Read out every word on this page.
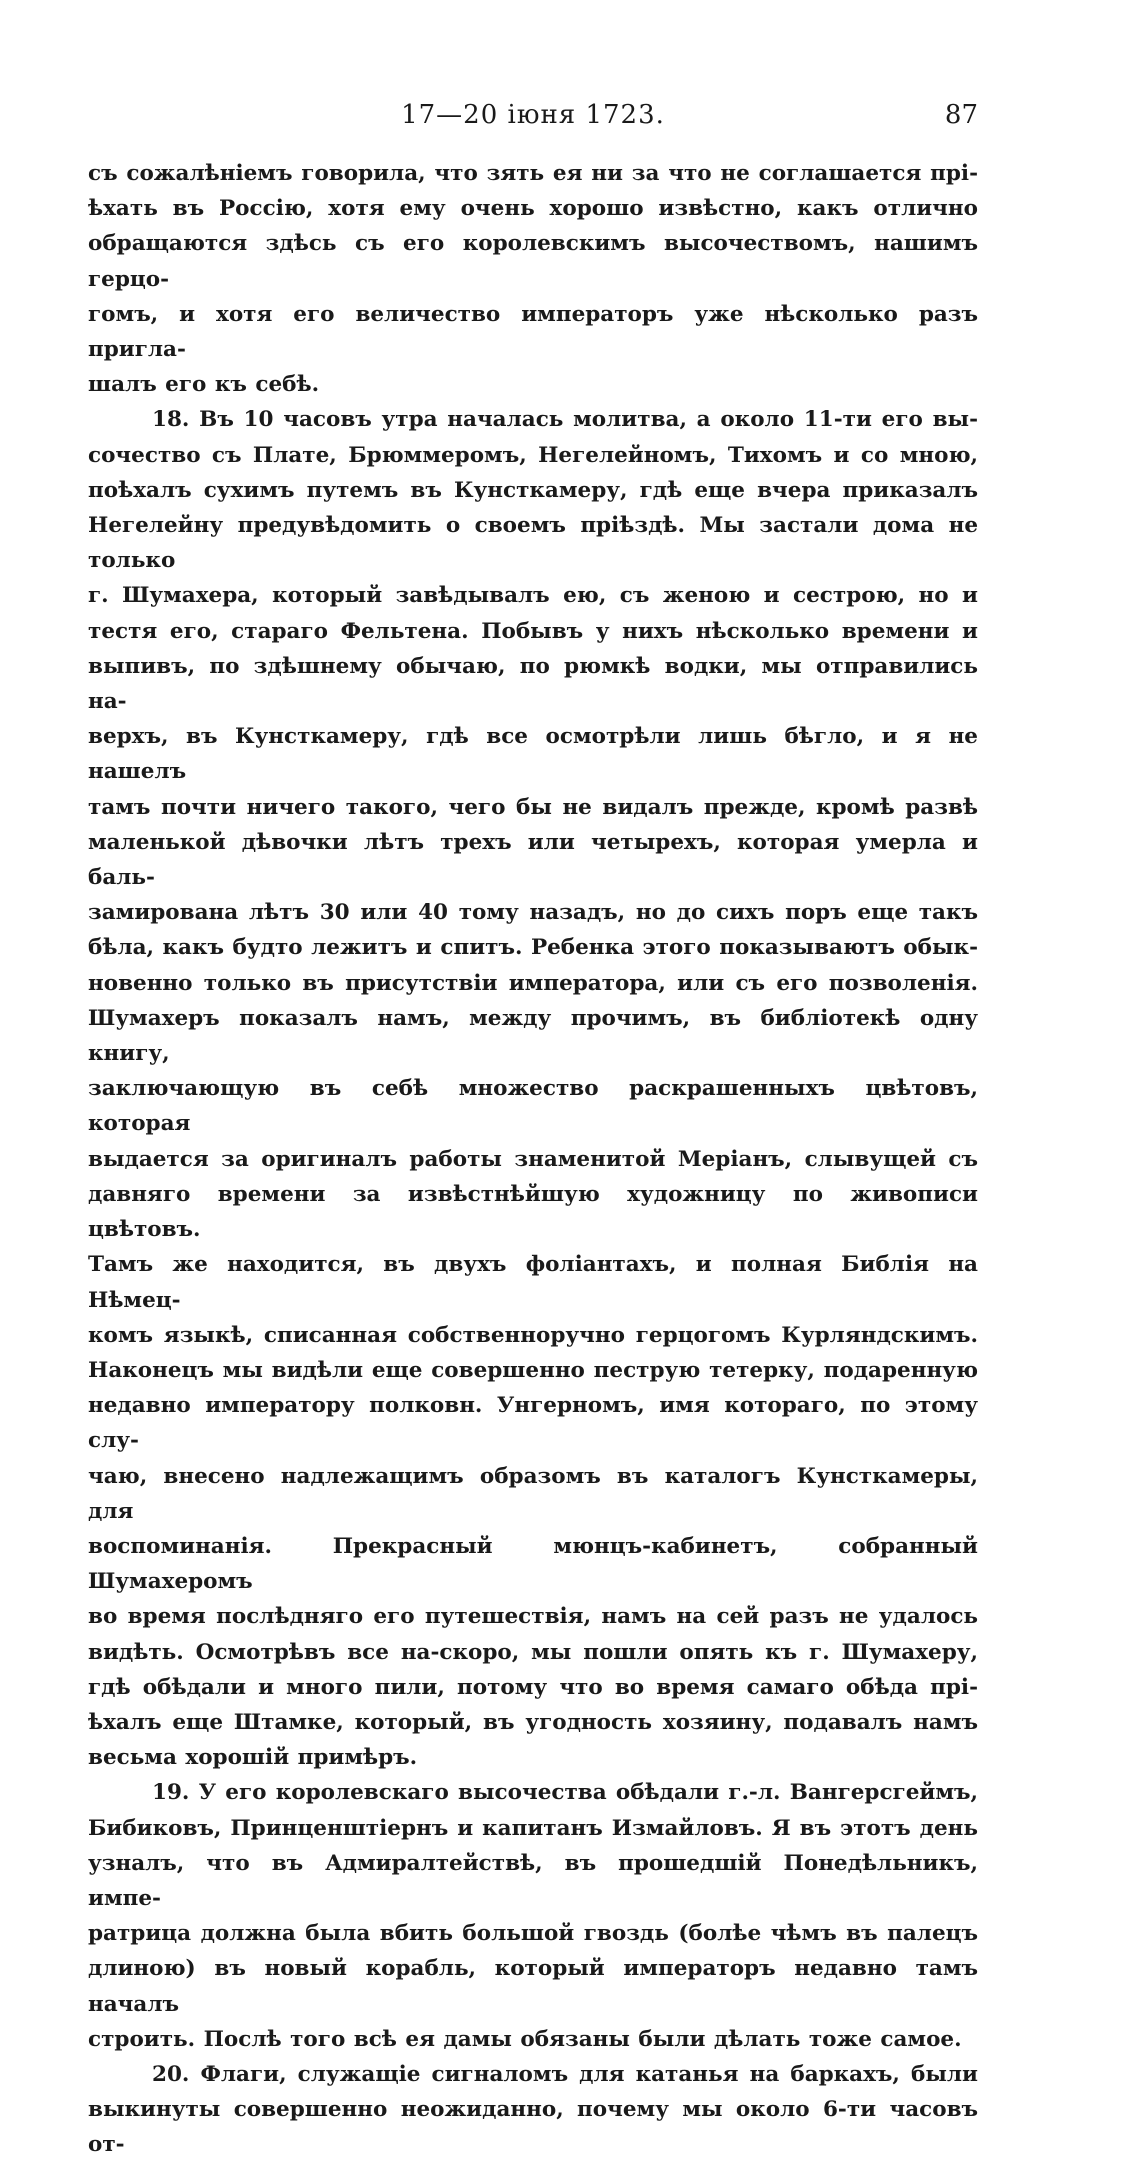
17—20 іюня 1723.	87

съ сожалѣніемъ говорила, что зять ея ни за что не соглашается прі-

ѣхать въ Россію, хотя ему очень хорошо извѣстно, какъ отлично

обращаются здѣсь съ его королевскимъ высочествомъ, нашимъ герцо-

гомъ, и хотя его величество императоръ уже нѣсколько разъ пригла-

шалъ его къ себѣ.

18. Въ 10 часовъ утра началась молитва, а около 11-ти его вы-

сочество съ Плате, Брюммеромъ, Негелейномъ, Тихомъ и со мною,

поѣхалъ сухимъ путемъ въ Кунсткамеру, гдѣ еще вчера приказалъ

Негелейну предувѣдомить о своемъ пріѣздѣ. Мы застали дома не только

г. Шумахера, который завѣдывалъ ею, съ женою и сестрою, но и

тестя его, стараго Фельтена. Побывъ у нихъ нѣсколько времени и

выпивъ, по здѣшнему обычаю, по рюмкѣ водки, мы отправились на-

верхъ, въ Кунсткамеру, гдѣ все осмотрѣли лишь бѣгло, и я не нашелъ

тамъ почти ничего такого, чего бы не видалъ прежде, кромѣ развѣ

маленькой дѣвочки лѣтъ трехъ или четырехъ, которая умерла и баль-

замирована лѣтъ 30 или 40 тому назадъ, но до сихъ поръ еще такъ

бѣла, какъ будто лежитъ и спитъ. Ребенка этого показываютъ обык-

новенно только въ присутствіи императора, или съ его позволенія.

Шумахеръ показалъ намъ, между прочимъ, въ библіотекѣ одну книгу,

заключающую въ себѣ множество раскрашенныхъ цвѣтовъ, которая

выдается за оригиналъ работы знаменитой Меріанъ, слывущей съ

давняго времени за извѣстнѣйшую художницу по живописи цвѣтовъ.

Тамъ же находится, въ двухъ фоліантахъ, и полная Библія на Нѣмец-

комъ языкѣ, списанная собственноручно герцогомъ Курляндскимъ.

Наконецъ мы видѣли еще совершенно пеструю тетерку, подаренную

недавно императору полковн. Унгерномъ, имя котораго, по этому слу-

чаю, внесено надлежащимъ образомъ въ каталогъ Кунсткамеры, для

воспоминанія. Прекрасный мюнцъ-кабинетъ, собранный Шумахеромъ

во время послѣдняго его путешествія, намъ на сей разъ не удалось

видѣть. Осмотрѣвъ все на-скоро, мы пошли опять къ г. Шумахеру,

гдѣ обѣдали и много пили, потому что во время самаго обѣда прі-

ѣхалъ еще Штамке, который, въ угодность хозяину, подавалъ намъ

весьма хорошій примѣръ.

19. У его королевскаго высочества обѣдали г.-л. Вангерсгеймъ,

Бибиковъ, Принценштіернъ и капитанъ Измайловъ. Я въ этотъ день

узналъ, что въ Адмиралтействѣ, въ прошедшій Понедѣльникъ, импе-

ратрица должна была вбить большой гвоздь (болѣе чѣмъ въ палецъ

длиною) въ новый корабль, который императоръ недавно тамъ началъ

строить. Послѣ того всѣ ея дамы обязаны были дѣлать тоже самое.

20. Флаги, служащіе сигналомъ для катанья на баркахъ, были

выкинуты совершенно неожиданно, почему мы около 6-ти часовъ от-
